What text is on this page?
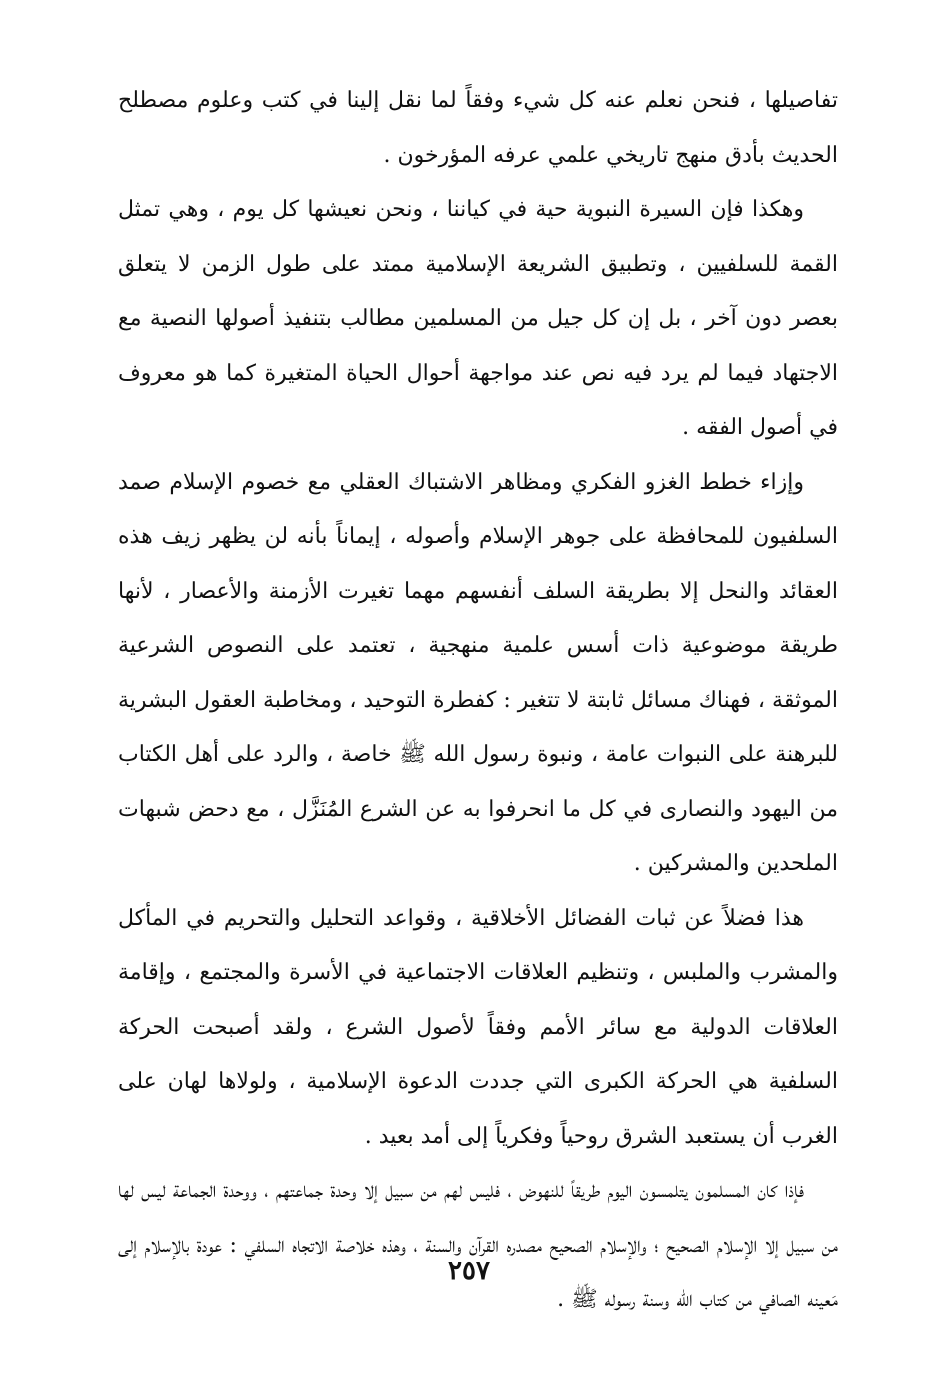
تفاصيلها ، فنحن نعلم عنه كل شيء وفقاً لما نقل إلينا في كتب وعلوم مصطلح الحديث بأدق منهج تاريخي علمي عرفه المؤرخون .

وهكذا فإن السيرة النبوية حية في كياننا ، ونحن نعيشها كل يوم ، وهي تمثل القمة للسلفيين ، وتطبيق الشريعة الإسلامية ممتد على طول الزمن لا يتعلق بعصر دون آخر ، بل إن كل جيل من المسلمين مطالب بتنفيذ أصولها النصية مع الاجتهاد فيما لم يرد فيه نص عند مواجهة أحوال الحياة المتغيرة كما هو معروف في أصول الفقه .

وإزاء خطط الغزو الفكري ومظاهر الاشتباك العقلي مع خصوم الإسلام صمد السلفيون للمحافظة على جوهر الإسلام وأصوله ، إيماناً بأنه لن يظهر زيف هذه العقائد والنحل إلا بطريقة السلف أنفسهم مهما تغيرت الأزمنة والأعصار ، لأنها طريقة موضوعية ذات أسس علمية منهجية ، تعتمد على النصوص الشرعية الموثقة ، فهناك مسائل ثابتة لا تتغير : كفطرة التوحيد ، ومخاطبة العقول البشرية للبرهنة على النبوات عامة ، ونبوة رسول الله ﷺ خاصة ، والرد على أهل الكتاب من اليهود والنصارى في كل ما انحرفوا به عن الشرع المُنَزَّل ، مع دحض شبهات الملحدين والمشركين .

هذا فضلاً عن ثبات الفضائل الأخلاقية ، وقواعد التحليل والتحريم في المأكل والمشرب والملبس ، وتنظيم العلاقات الاجتماعية في الأسرة والمجتمع ، وإقامة العلاقات الدولية مع سائر الأمم وفقاً لأصول الشرع ، ولقد أصبحت الحركة السلفية هي الحركة الكبرى التي جددت الدعوة الإسلامية ، ولولاها لهان على الغرب أن يستعبد الشرق روحياً وفكرياً إلى أمد بعيد .

فإذا كان المسلمون يتلمسون اليوم طريقاً للنهوض ، فليس لهم من سبيل إلا وحدة جماعتهم ، ووحدة الجماعة ليس لها من سبيل إلا الإسلام الصحيح ؛ والإسلام الصحيح مصدره القرآن والسنة ، وهذه خلاصة الاتجاه السلفي : عودة بالإسلام إلى مَعينه الصافي من كتاب الله وسنة رسوله ﷺ .

٢٥٧
